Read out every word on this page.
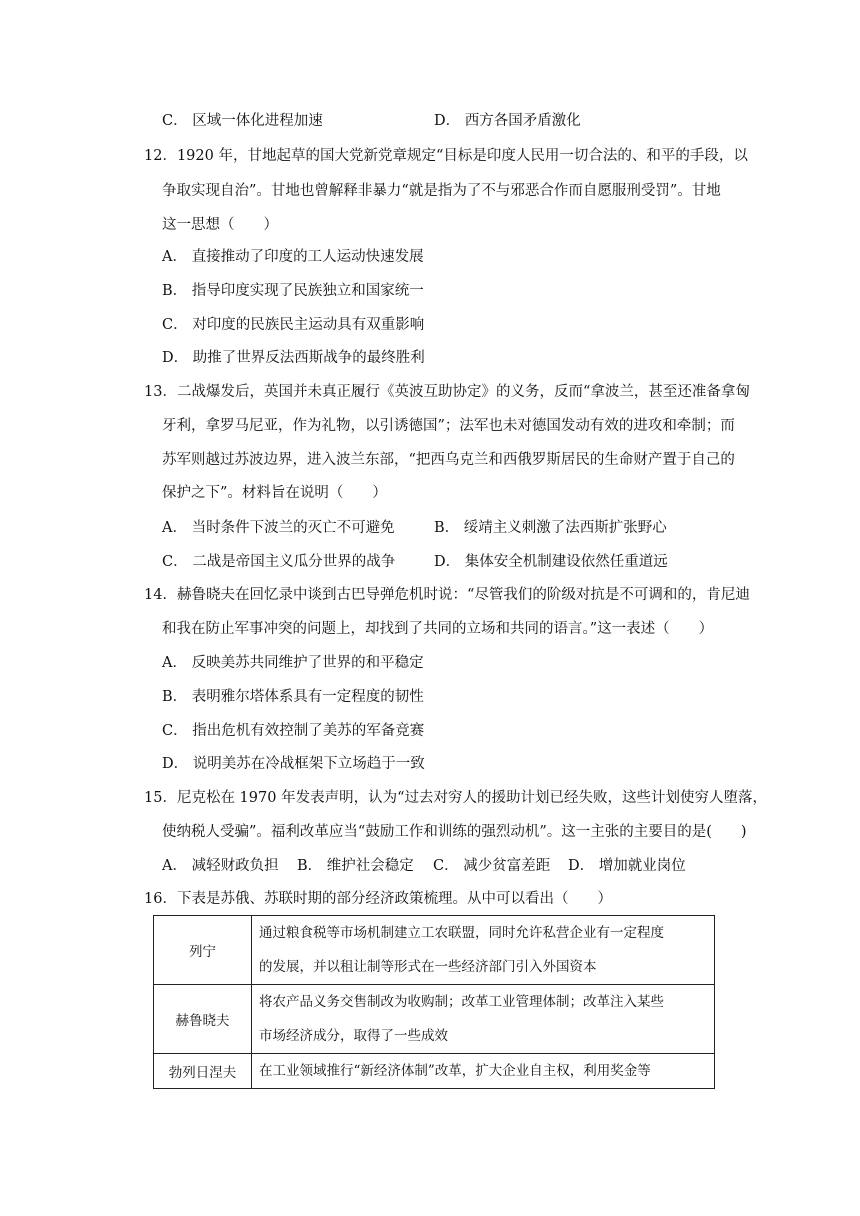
C． 区域一体化进程加速	D． 西方各国矛盾激化
12．1920 年，甘地起草的国大党新党章规定“目标是印度人民用一切合法的、和平的手段，以
争取实现自治”。甘地也曾解释非暴力“就是指为了不与邪恶合作而自愿服刑受罚”。甘地
这一思想（　　）
A． 直接推动了印度的工人运动快速发展
B． 指导印度实现了民族独立和国家统一
C． 对印度的民族民主运动具有双重影响
D． 助推了世界反法西斯战争的最终胜利
13．二战爆发后，英国并未真正履行《英波互助协定》的义务，反而“拿波兰，甚至还准备拿匈
牙利，拿罗马尼亚，作为礼物，以引诱德国”；法军也未对德国发动有效的进攻和牵制；而
苏军则越过苏波边界，进入波兰东部，“把西乌克兰和西俄罗斯居民的生命财产置于自己的
保护之下”。材料旨在说明（　　）
A． 当时条件下波兰的灭亡不可避免	B． 绥靖主义刺激了法西斯扩张野心
C． 二战是帝国主义瓜分世界的战争	D． 集体安全机制建设依然任重道远
14．赫鲁晓夫在回忆录中谈到古巴导弹危机时说：“尽管我们的阶级对抗是不可调和的，肯尼迪
和我在防止军事冲突的问题上，却找到了共同的立场和共同的语言。”这一表述（　　）
A． 反映美苏共同维护了世界的和平稳定
B． 表明雅尔塔体系具有一定程度的韧性
C． 指出危机有效控制了美苏的军备竞赛
D． 说明美苏在冷战框架下立场趋于一致
15．尼克松在 1970 年发表声明，认为“过去对穷人的援助计划已经失败，这些计划使穷人堕落，
使纳税人受骗”。福利改革应当“鼓励工作和训练的强烈动机”。这一主张的主要目的是(　　)
A． 减轻财政负担 B． 维护社会稳定 C． 减少贫富差距 D． 增加就业岗位
16．下表是苏俄、苏联时期的部分经济政策梳理。从中可以看出（　　）
列宁	通过粮食税等市场机制建立工农联盟，同时允许私营企业有一定程度
的发展，并以租让制等形式在一些经济部门引入外国资本

赫鲁晓夫	将农产品义务交售制改为收购制；改革工业管理体制；改革注入某些
市场经济成分，取得了一些成效

勃列日涅夫	在工业领域推行“新经济体制”改革，扩大企业自主权，利用奖金等
